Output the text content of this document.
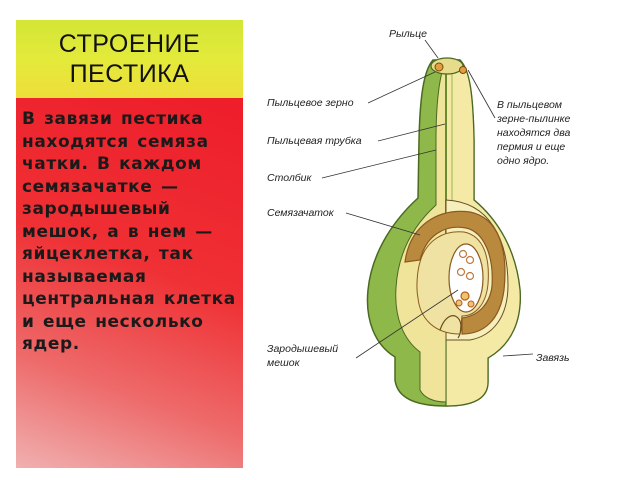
СТРОЕНИЕ
ПЕСТИКА

В завязи пестика находятся семяза чатки. В каждом семязачатке — зародышевый мешок, а в нем — яйцеклетка, так называемая центральная клетка и еще несколько ядер.

Рыльце
Пыльцевое зерно
Пыльцевая трубка
Столбик
Семязачаток
Зародышевый
мешок	Завязь
В пыльцевом
зерне-пылинке
находятся два
пермия и еще
одно ядро.
